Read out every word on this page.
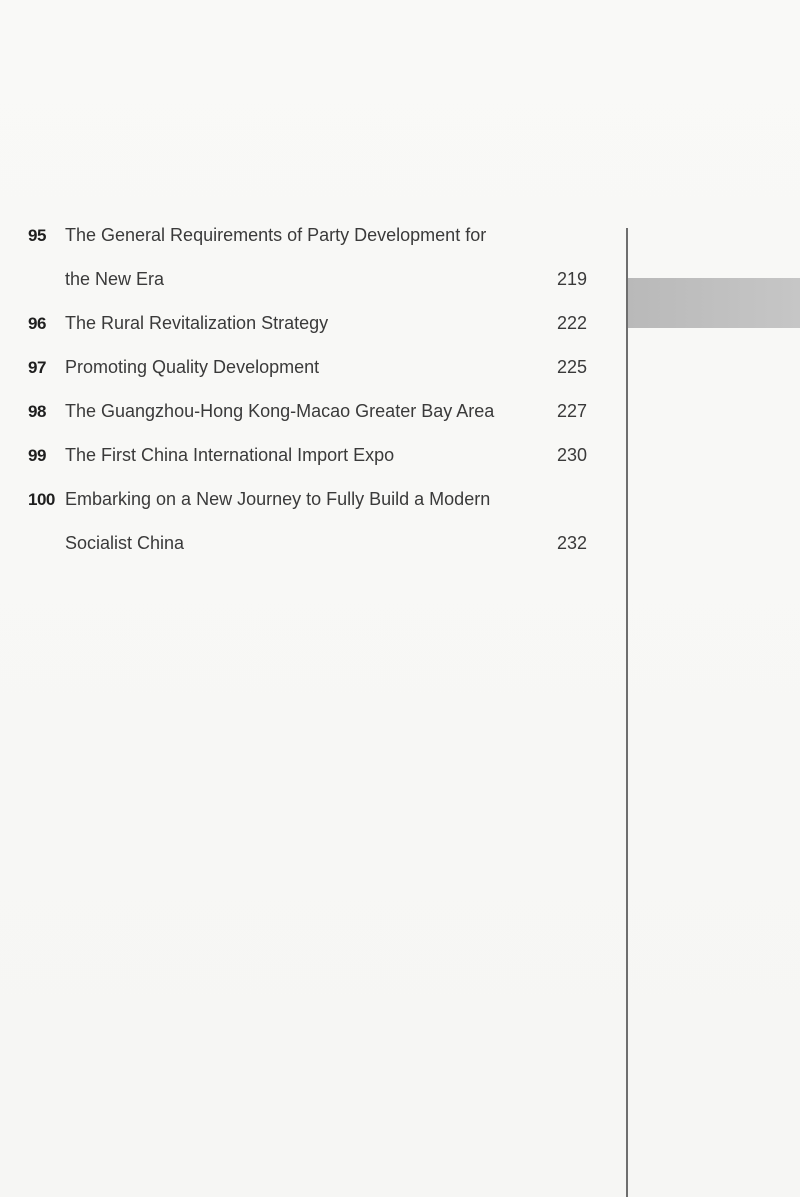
95	The General Requirements of Party Development for
the New Era	219
96	The Rural Revitalization Strategy	222
97	Promoting Quality Development	225
98	The Guangzhou-Hong Kong-Macao Greater Bay Area	227
99	The First China International Import Expo	230
100 Embarking on a New Journey to Fully Build a Modern
Socialist China	232
